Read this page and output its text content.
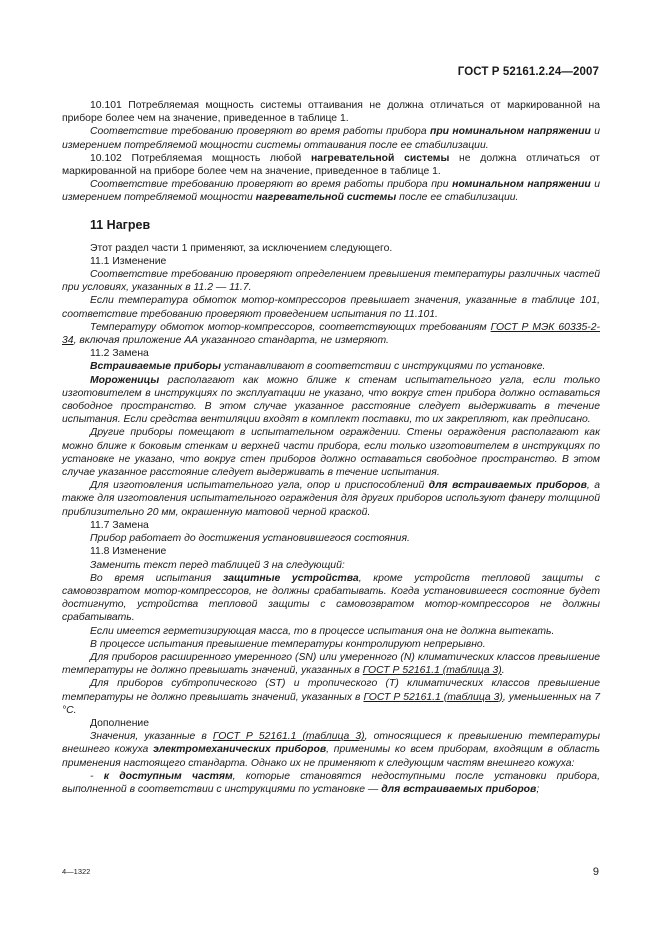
ГОСТ Р 52161.2.24—2007

10.101 Потребляемая мощность системы оттаивания не должна отличаться от маркированной на приборе более чем на значение, приведенное в таблице 1.

Соответствие требованию проверяют во время работы прибора при номинальном напряжении и измерением потребляемой мощности системы оттаивания после ее стабилизации.

10.102 Потребляемая мощность любой нагревательной системы не должна отличаться от маркированной на приборе более чем на значение, приведенное в таблице 1.

Соответствие требованию проверяют во время работы прибора при номинальном напряжении и измерением потребляемой мощности нагревательной системы после ее стабилизации.

11 Нагрев

Этот раздел части 1 применяют, за исключением следующего.

11.1 Изменение

Соответствие требованию проверяют определением превышения температуры различных частей при условиях, указанных в 11.2 — 11.7.

Если температура обмоток мотор-компрессоров превышает значения, указанные в таблице 101, соответствие требованию проверяют проведением испытания по 11.101.

Температуру обмоток мотор-компрессоров, соответствующих требованиям ГОСТ Р МЭК 60335-2-34, включая приложение АА указанного стандарта, не измеряют.

11.2 Замена

Встраиваемые приборы устанавливают в соответствии с инструкциями по установке.

Мороженицы располагают как можно ближе к стенам испытательного угла, если только изготовителем в инструкциях по эксплуатации не указано, что вокруг стен прибора должно оставаться свободное пространство. В этом случае указанное расстояние следует выдерживать в течение испытания. Если средства вентиляции входят в комплект поставки, то их закрепляют, как предписано.

Другие приборы помещают в испытательном ограждении. Стены ограждения располагают как можно ближе к боковым стенкам и верхней части прибора, если только изготовителем в инструкциях по установке не указано, что вокруг стен приборов должно оставаться свободное пространство. В этом случае указанное расстояние следует выдерживать в течение испытания.

Для изготовления испытательного угла, опор и приспособлений для встраиваемых приборов, а также для изготовления испытательного ограждения для других приборов используют фанеру толщиной приблизительно 20 мм, окрашенную матовой черной краской.

11.7 Замена

Прибор работает до достижения установившегося состояния.

11.8 Изменение

Заменить текст перед таблицей 3 на следующий:

Во время испытания защитные устройства, кроме устройств тепловой защиты с самовозвратом мотор-компрессоров, не должны срабатывать. Когда установившееся состояние будет достигнуто, устройства тепловой защиты с самовозвратом мотор-компрессоров не должны срабатывать.

Если имеется герметизирующая масса, то в процессе испытания она не должна вытекать.

В процессе испытания превышение температуры контролируют непрерывно.

Для приборов расширенного умеренного (SN) или умеренного (N) климатических классов превышение температуры не должно превышать значений, указанных в ГОСТ Р 52161.1 (таблица 3).

Для приборов субтропического (ST) и тропического (T) климатических классов превышение температуры не должно превышать значений, указанных в ГОСТ Р 52161.1 (таблица 3), уменьшенных на 7 °С.

Дополнение

Значения, указанные в ГОСТ Р 52161.1 (таблица 3), относящиеся к превышению температуры внешнего кожуха электромеханических приборов, применимы ко всем приборам, входящим в область применения настоящего стандарта. Однако их не применяют к следующим частям внешнего кожуха:

- к доступным частям, которые становятся недоступными после установки прибора, выполненной в соответствии с инструкциями по установке — для встраиваемых приборов;

4—1322	9
